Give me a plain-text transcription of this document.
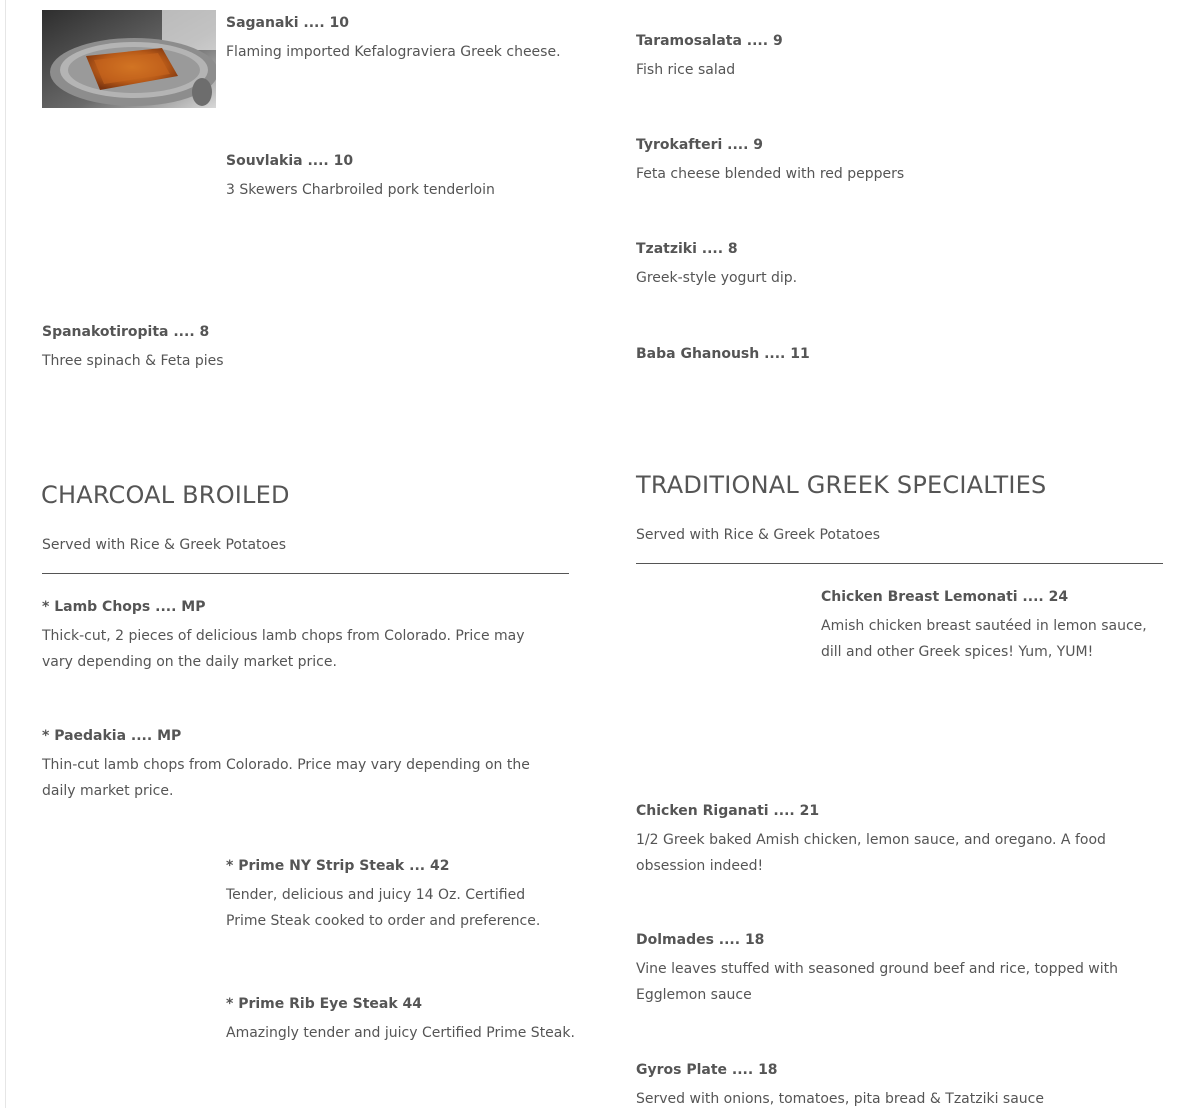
Saganaki .... 10
Flaming imported Kefalograviera Greek cheese.
Souvlakia .... 10
3 Skewers Charbroiled pork tenderloin
Spanakotiropita .... 8
Three spinach & Feta pies
CHARCOAL BROILED
Served with Rice & Greek Potatoes
* Lamb Chops .... MP
Thick-cut, 2 pieces of delicious lamb chops from Colorado. Price may vary depending on the daily market price.
* Paedakia .... MP
Thin-cut lamb chops from Colorado. Price may vary depending on the daily market price.
* Prime NY Strip Steak ... 42
Tender, delicious and juicy 14 Oz. Certified Prime Steak cooked to order and preference.
* Prime Rib Eye Steak 44
Amazingly tender and juicy Certified Prime Steak.
Taramosalata .... 9
Fish rice salad
Tyrokafteri .... 9
Feta cheese blended with red peppers
Tzatziki .... 8
Greek-style yogurt dip.
Baba Ghanoush .... 11
TRADITIONAL GREEK SPECIALTIES
Served with Rice & Greek Potatoes
Chicken Breast Lemonati .... 24
Amish chicken breast sautéed in lemon sauce, dill and other Greek spices! Yum, YUM!
Chicken Riganati .... 21
1/2 Greek baked Amish chicken, lemon sauce, and oregano. A food obsession indeed!
Dolmades .... 18
Vine leaves stuffed with seasoned ground beef and rice, topped with Egglemon sauce
Gyros Plate .... 18
Served with onions, tomatoes, pita bread & Tzatziki sauce
